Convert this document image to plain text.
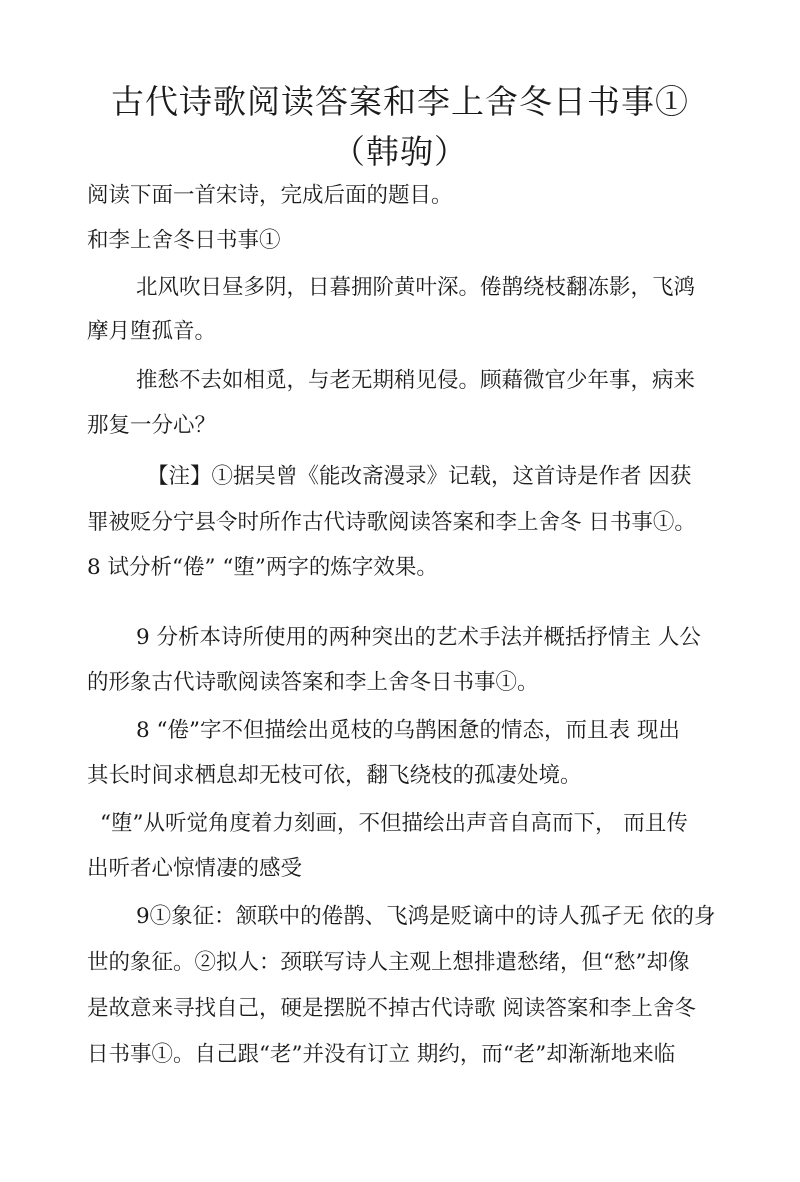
古代诗歌阅读答案和李上舍冬日书事①
（韩驹）
阅读下面一首宋诗，完成后面的题目。
和李上舍冬日书事①
北风吹日昼多阴，日暮拥阶黄叶深。倦鹊绕枝翻冻影，飞鸿
摩月堕孤音。
推愁不去如相觅，与老无期稍见侵。顾藉微官少年事，病来
那复一分心？
【注】①据吴曾《能改斋漫录》记载，这首诗是作者 因获
罪被贬分宁县令时所作古代诗歌阅读答案和李上舍冬 日书事①。
8 试分析“倦” “堕”两字的炼字效果。
9 分析本诗所使用的两种突出的艺术手法并概括抒情主 人公
的形象古代诗歌阅读答案和李上舍冬日书事①。
8 “倦”字不但描绘出觅枝的乌鹊困惫的情态，而且表 现出
其长时间求栖息却无枝可依，翻飞绕枝的孤凄处境。
“堕”从听觉角度着力刻画，不但描绘出声音自高而下， 而且传
出听者心惊情凄的感受
9①象征：颔联中的倦鹊、飞鸿是贬谪中的诗人孤孑无 依的身
世的象征。②拟人：颈联写诗人主观上想排遣愁绪，但“愁”却像
是故意来寻找自己，硬是摆脱不掉古代诗歌 阅读答案和李上舍冬
日书事①。自己跟“老”并没有订立 期约，而“老”却渐渐地来临
